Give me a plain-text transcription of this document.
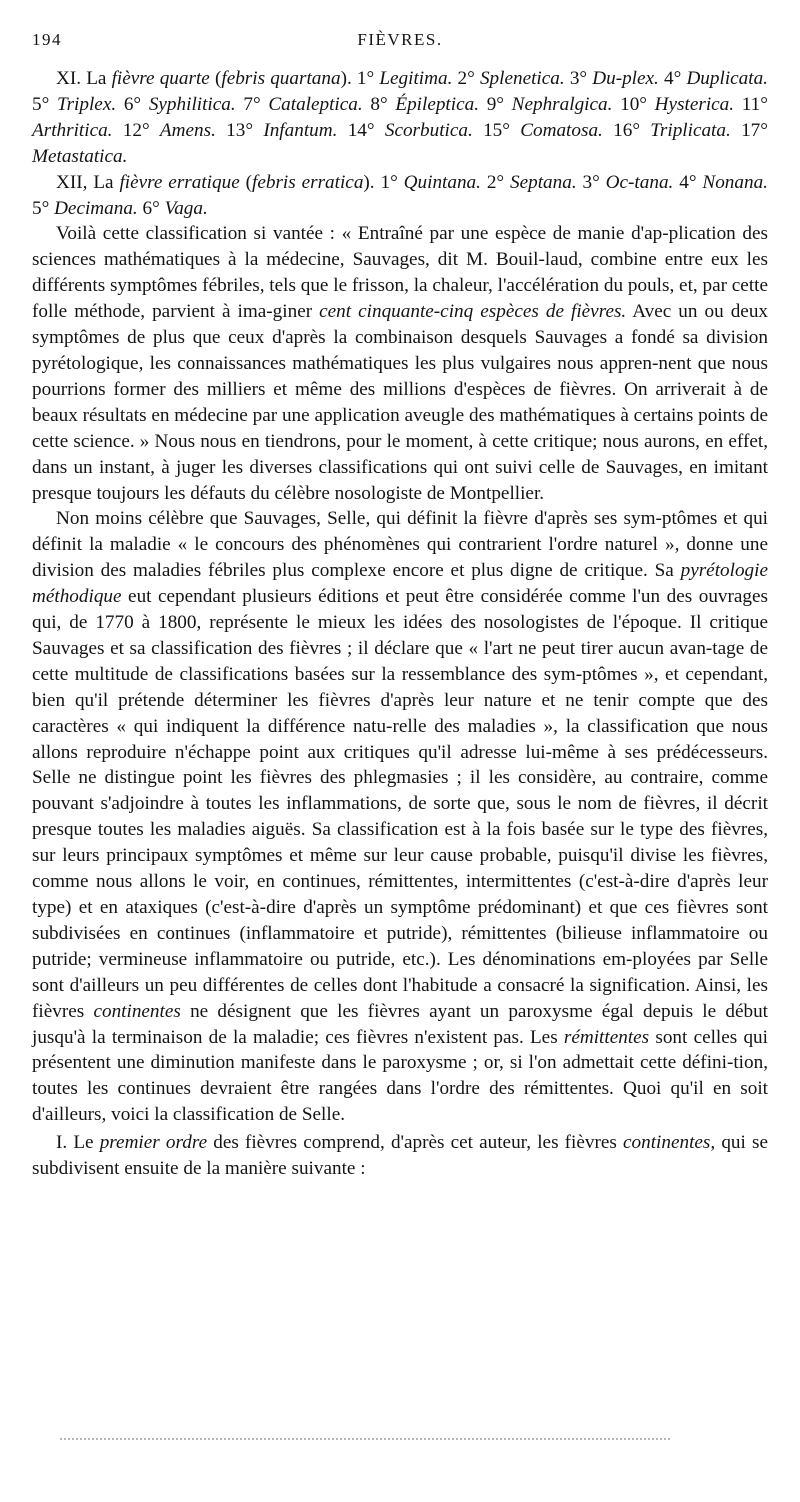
194	FIÈVRES.

XI. La fièvre quarte (febris quartana). 1° Legitima. 2° Splenetica. 3° Du-plex. 4° Duplicata. 5° Triplex. 6° Syphilitica. 7° Cataleptica. 8° Épileptica. 9° Nephralgica. 10° Hysterica. 11° Arthritica. 12° Amens. 13° Infantum. 14° Scorbutica. 15° Comatosa. 16° Triplicata. 17° Metastatica.

XII, La fièvre erratique (febris erratica). 1° Quintana. 2° Septana. 3° Oc-tana. 4° Nonana. 5° Decimana. 6° Vaga.

Voilà cette classification si vantée : « Entraîné par une espèce de manie d'ap-plication des sciences mathématiques à la médecine, Sauvages, dit M. Bouil-laud, combine entre eux les différents symptômes fébriles, tels que le frisson, la chaleur, l'accélération du pouls, et, par cette folle méthode, parvient à ima-giner cent cinquante-cinq espèces de fièvres. Avec un ou deux symptômes de plus que ceux d'après la combinaison desquels Sauvages a fondé sa division pyrétologique, les connaissances mathématiques les plus vulgaires nous appren-nent que nous pourrions former des milliers et même des millions d'espèces de fièvres. On arriverait à de beaux résultats en médecine par une application aveugle des mathématiques à certains points de cette science. » Nous nous en tiendrons, pour le moment, à cette critique; nous aurons, en effet, dans un instant, à juger les diverses classifications qui ont suivi celle de Sauvages, en imitant presque toujours les défauts du célèbre nosologiste de Montpellier.

Non moins célèbre que Sauvages, Selle, qui définit la fièvre d'après ses sym-ptômes et qui définit la maladie « le concours des phénomènes qui contrarient l'ordre naturel », donne une division des maladies fébriles plus complexe encore et plus digne de critique. Sa pyrétologie méthodique eut cependant plusieurs éditions et peut être considérée comme l'un des ouvrages qui, de 1770 à 1800, représente le mieux les idées des nosologistes de l'époque. Il critique Sauvages et sa classification des fièvres ; il déclare que « l'art ne peut tirer aucun avan-tage de cette multitude de classifications basées sur la ressemblance des sym-ptômes », et cependant, bien qu'il prétende déterminer les fièvres d'après leur nature et ne tenir compte que des caractères « qui indiquent la différence natu-relle des maladies », la classification que nous allons reproduire n'échappe point aux critiques qu'il adresse lui-même à ses prédécesseurs. Selle ne distingue point les fièvres des phlegmasies ; il les considère, au contraire, comme pouvant s'adjoindre à toutes les inflammations, de sorte que, sous le nom de fièvres, il décrit presque toutes les maladies aiguës. Sa classification est à la fois basée sur le type des fièvres, sur leurs principaux symptômes et même sur leur cause probable, puisqu'il divise les fièvres, comme nous allons le voir, en continues, rémittentes, intermittentes (c'est-à-dire d'après leur type) et en ataxiques (c'est-à-dire d'après un symptôme prédominant) et que ces fièvres sont subdivisées en continues (inflammatoire et putride), rémittentes (bilieuse inflammatoire ou putride; vermineuse inflammatoire ou putride, etc.). Les dénominations em-ployées par Selle sont d'ailleurs un peu différentes de celles dont l'habitude a consacré la signification. Ainsi, les fièvres continentes ne désignent que les fièvres ayant un paroxysme égal depuis le début jusqu'à la terminaison de la maladie; ces fièvres n'existent pas. Les rémittentes sont celles qui présentent une diminution manifeste dans le paroxysme ; or, si l'on admettait cette défini-tion, toutes les continues devraient être rangées dans l'ordre des rémittentes. Quoi qu'il en soit d'ailleurs, voici la classification de Selle.

I. Le premier ordre des fièvres comprend, d'après cet auteur, les fièvres continentes, qui se subdivisent ensuite de la manière suivante :
